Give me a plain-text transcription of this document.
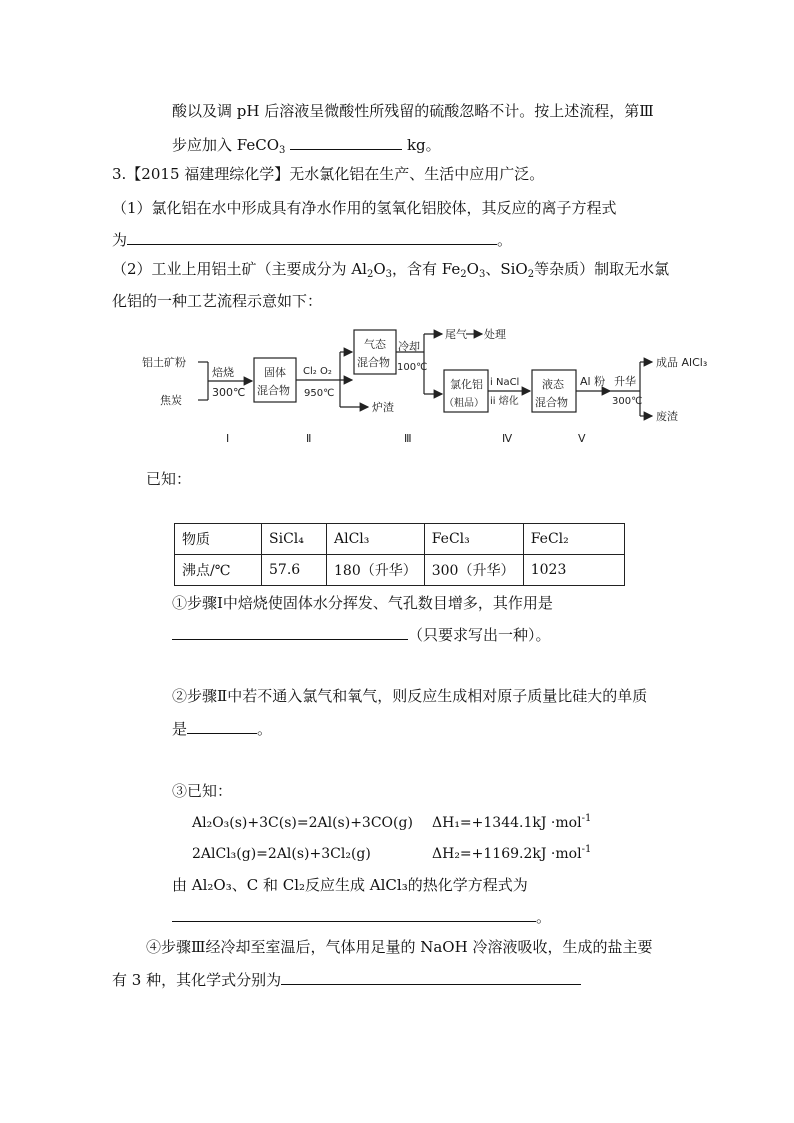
酸以及调 pH 后溶液呈微酸性所残留的硫酸忽略不计。按上述流程，第Ⅲ
步应加入 FeCO$_3$	kg。
3.【2015 福建理综化学】无水氯化铝在生产、生活中应用广泛。
（1）氯化铝在水中形成具有净水作用的氢氧化铝胶体，其反应的离子方程式
为	。
（2）工业上用铝土矿（主要成分为 $Al_2O_3$，含有 $Fe_2O_3$、SiO$_2$等杂质）制取无水氯
化铝的一种工艺流程示意如下：
铝土矿粉
焦炭
焙烧
300℃
固体
混合物
Cl₂ O₂
950℃
气态
混合物
炉渣
冷却
100℃
尾气 处理
氯化铝
（粗品）
i NaCl
ii 熔化
液态
混合物
Al 粉 升华
300℃
成品 AlCl₃
废渣
Ⅰ	Ⅱ	Ⅲ	Ⅳ	Ⅴ
已知：
物质	SiCl₄	AlCl₃	FeCl₃	FeCl₂
沸点/℃	57.6	180（升华）	300（升华）	1023
①步骤Ⅰ中焙烧使固体水分挥发、气孔数目增多，其作用是
（只要求写出一种）。
②步骤Ⅱ中若不通入氯气和氧气，则反应生成相对原子质量比硅大的单质
是	。
③已知：
Al₂O₃(s)+3C(s)=2Al(s)+3CO(g) ΔH₁=+1344.1kJ ·mol$^{-1}$
2AlCl₃(g)=2Al(s)+3Cl₂(g)	ΔH₂=+1169.2kJ ·mol$^{-1}$
由 Al₂O₃、C 和 Cl₂反应生成 AlCl₃的热化学方程式为
。
④步骤Ⅲ经冷却至室温后，气体用足量的 NaOH 冷溶液吸收，生成的盐主要
有 3 种，其化学式分别为
